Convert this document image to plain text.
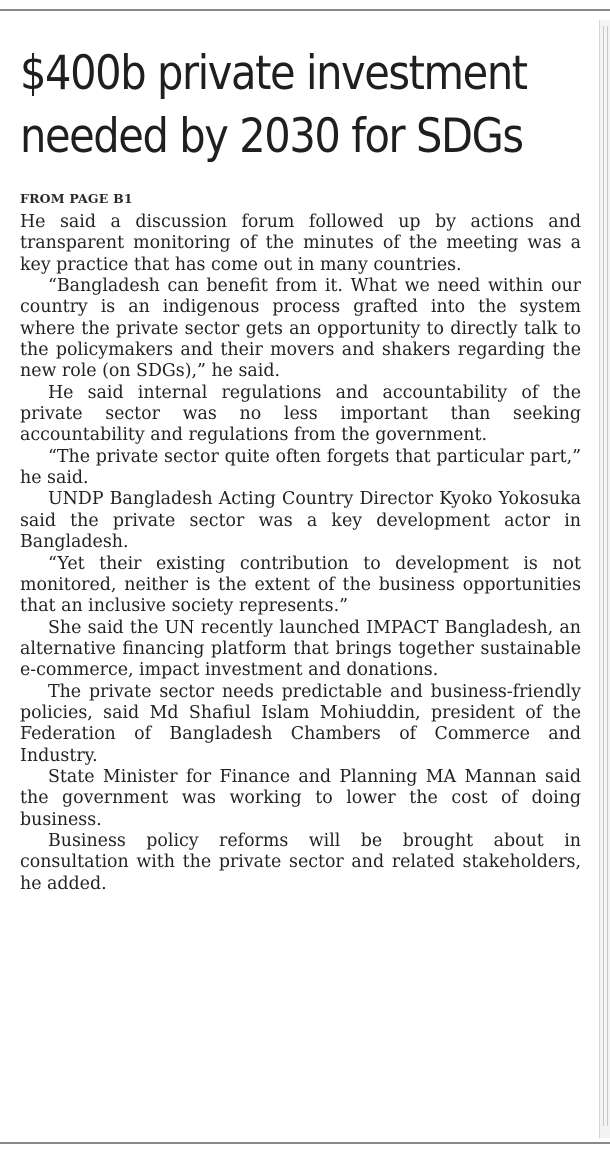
$400b private investment
needed by 2030 for SDGs
FROM PAGE B1

He said a discussion forum followed up by actions and transparent monitoring of the minutes of the meeting was a key practice that has come out in many countries.

“Bangladesh can benefit from it. What we need within our country is an indigenous process grafted into the system where the private sector gets an opportunity to directly talk to the policymakers and their movers and shakers regarding the new role (on SDGs),” he said.

He said internal regulations and accountability of the private sector was no less important than seeking accountability and regulations from the government.

“The private sector quite often forgets that particular part,” he said.

UNDP Bangladesh Acting Country Director Kyoko Yokosuka said the private sector was a key development actor in Bangladesh.

“Yet their existing contribution to development is not monitored, neither is the extent of the business opportunities that an inclusive society represents.”

She said the UN recently launched IMPACT Bangladesh, an alternative financing platform that brings together sustainable e-commerce, impact investment and donations.

The private sector needs predictable and business-friendly policies, said Md Shafiul Islam Mohiuddin, president of the Federation of Bangladesh Chambers of Commerce and Industry.

State Minister for Finance and Planning MA Mannan said the government was working to lower the cost of doing business.

Business policy reforms will be brought about in consultation with the private sector and related stakeholders, he added.
